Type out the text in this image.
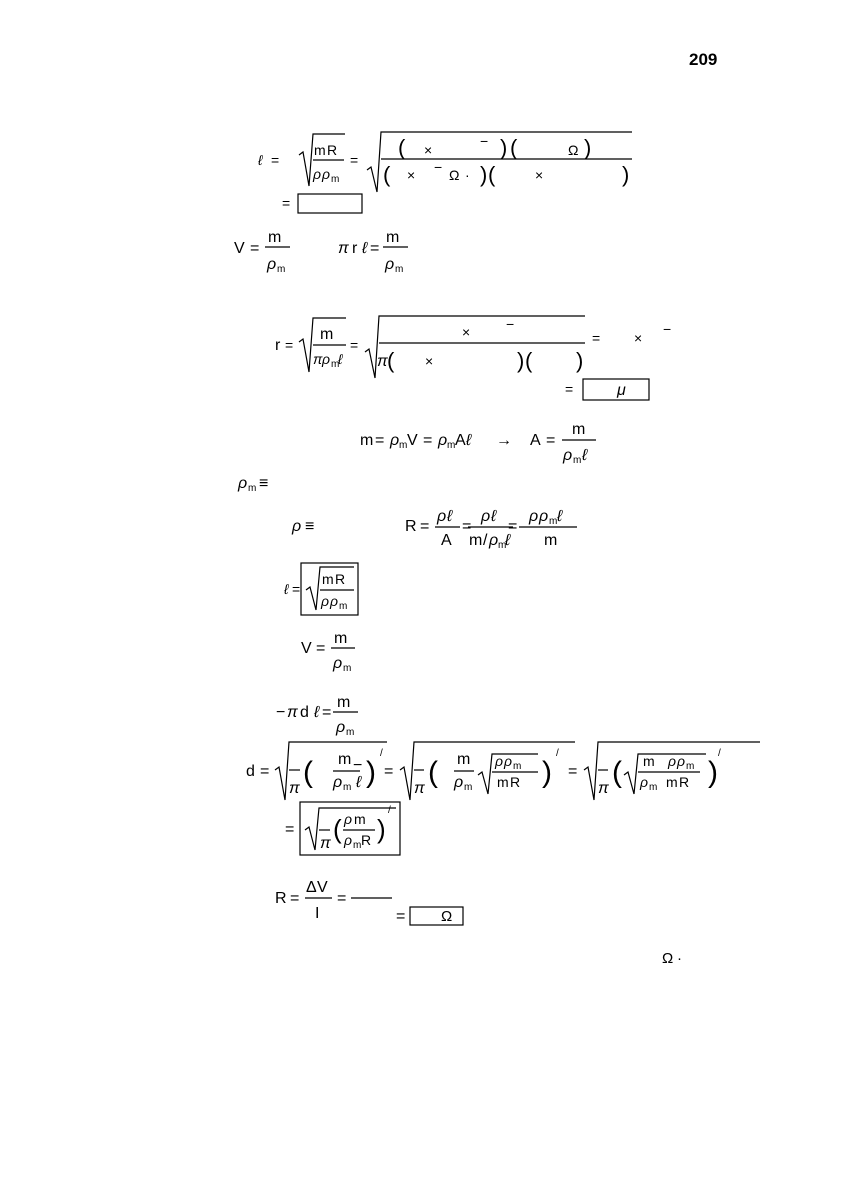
209
ℓ =
m R
ρ ρ m
= ( ×
− ) (	Ω )
( × − Ω · ) (	×	)
=
V =
m
ρ m
π r ℓ =
m
ρ m
r =
m
π ρ m
ℓ
=
×	−
π ( ×	) ( )
= ×
−
=	μ
m = ρ m V = ρ m A ℓ → A =
m
ρ m ℓ
ρ m ≡
ρ ≡	R =
ρ ℓ
A
=
ρ ℓ
m / ρ m
ℓ
=
ρ ρ m ℓ
m
ℓ =
m R
ρ ρ m
V =
m
ρ m
− π d ℓ =
m
ρ m
d =
π ( m
ρ m
−
ℓ )
/
=
π ( m
ρ m
ρ ρ m
m R )
/
=
π ( m
ρ m
ρ ρ m
m R )
/
=
π ( ρ m
ρ m R )
/
R =
Δ V
I
=
= Ω
Ω ·
